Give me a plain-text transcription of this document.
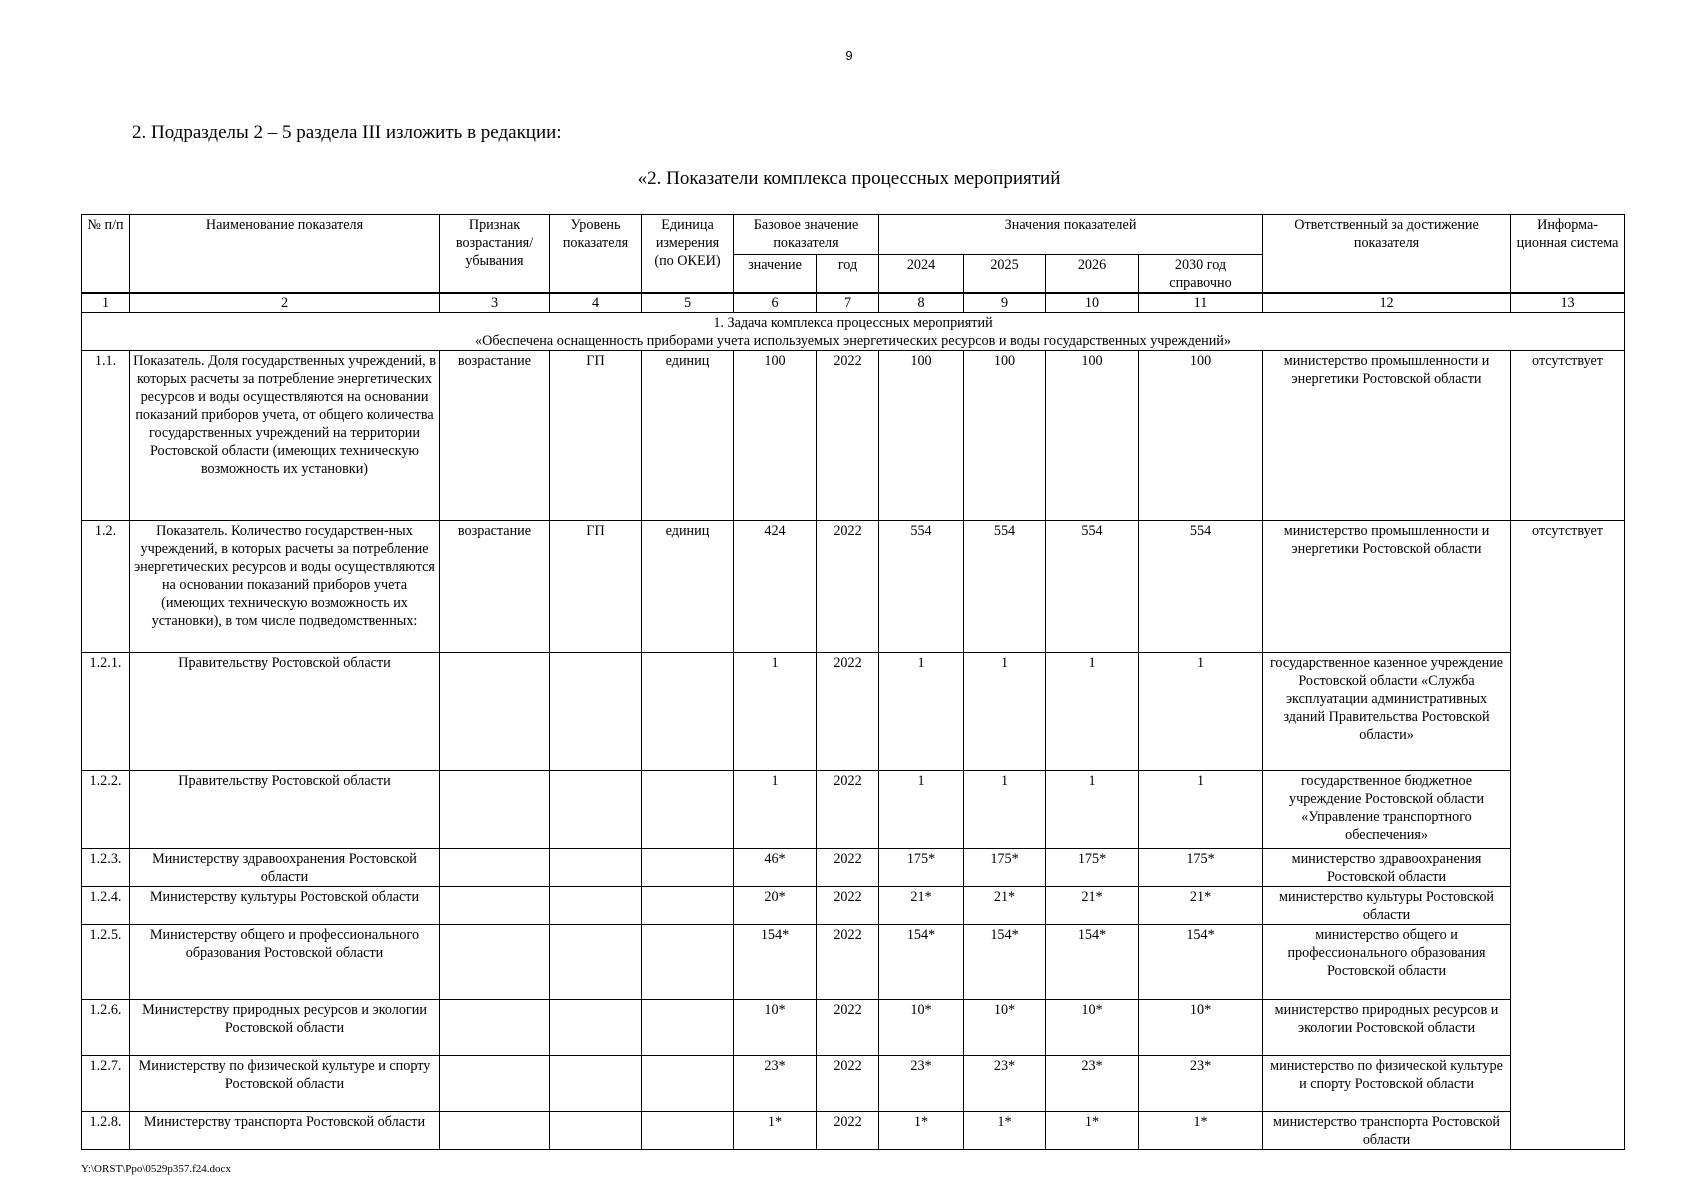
9
2. Подразделы 2 – 5 раздела III изложить в редакции:
«2. Показатели комплекса процессных мероприятий
№ п/п	Наименование показателя	Признак возрастания/ убывания	Уровень показателя	Единица измерения (по ОКЕИ)	Базовое значение показателя		Значения показателей				Ответственный за достижение показателя	Информа-ционная система
					значение	год	2024	2025	2026	2030 год справочно		
1	2	3	4	5	6	7	8	9	10	11	12	13

1. Задача комплекса процессных мероприятий
«Обеспечена оснащенность приборами учета используемых энергетических ресурсов и воды государственных учреждений»												

1.1.	Показатель. Доля государственных учреждений, в которых расчеты за потребление энергетических ресурсов и воды осуществляются на основании показаний приборов учета, от общего количества государственных учреждений на территории Ростовской области (имеющих техническую возможность их установки)	возрастание	ГП	единиц	100	2022	100	100	100	100	министерство промышленности и энергетики Ростовской области	отсутствует
1.2.	Показатель. Количество государствен-ных учреждений, в которых расчеты за потребление энергетических ресурсов и воды осуществляются на основании показаний приборов учета (имеющих техническую возможность их установки), в том числе подведомственных:	возрастание	ГП	единиц	424	2022	554	554	554	554	министерство промышленности и энергетики Ростовской области	отсутствует
1.2.1.	Правительству Ростовской области				1	2022	1	1	1	1	государственное казенное учреждение Ростовской области «Служба эксплуатации административных зданий Правительства Ростовской области»	
1.2.2.	Правительству Ростовской области				1	2022	1	1	1	1	государственное бюджетное учреждение Ростовской области «Управление транспортного обеспечения»	
1.2.3.	Министерству здравоохранения Ростовской области				46*	2022	175*	175*	175*	175*	министерство здравоохранения Ростовской области	
1.2.4.	Министерству культуры Ростовской области				20*	2022	21*	21*	21*	21*	министерство культуры Ростовской области	
1.2.5.	Министерству общего и профессионального образования Ростовской области				154*	2022	154*	154*	154*	154*	министерство общего и профессионального образования Ростовской области	
1.2.6.	Министерству природных ресурсов и экологии Ростовской области				10*	2022	10*	10*	10*	10*	министерство природных ресурсов и экологии Ростовской области	
1.2.7.	Министерству по физической культуре и спорту Ростовской области				23*	2022	23*	23*	23*	23*	министерство по физической культуре и спорту Ростовской области	
1.2.8.	Министерству транспорта Ростовской области				1*	2022	1*	1*	1*	1*	министерство транспорта Ростовской области	
Y:\ORST\Ppo\0529p357.f24.docx
